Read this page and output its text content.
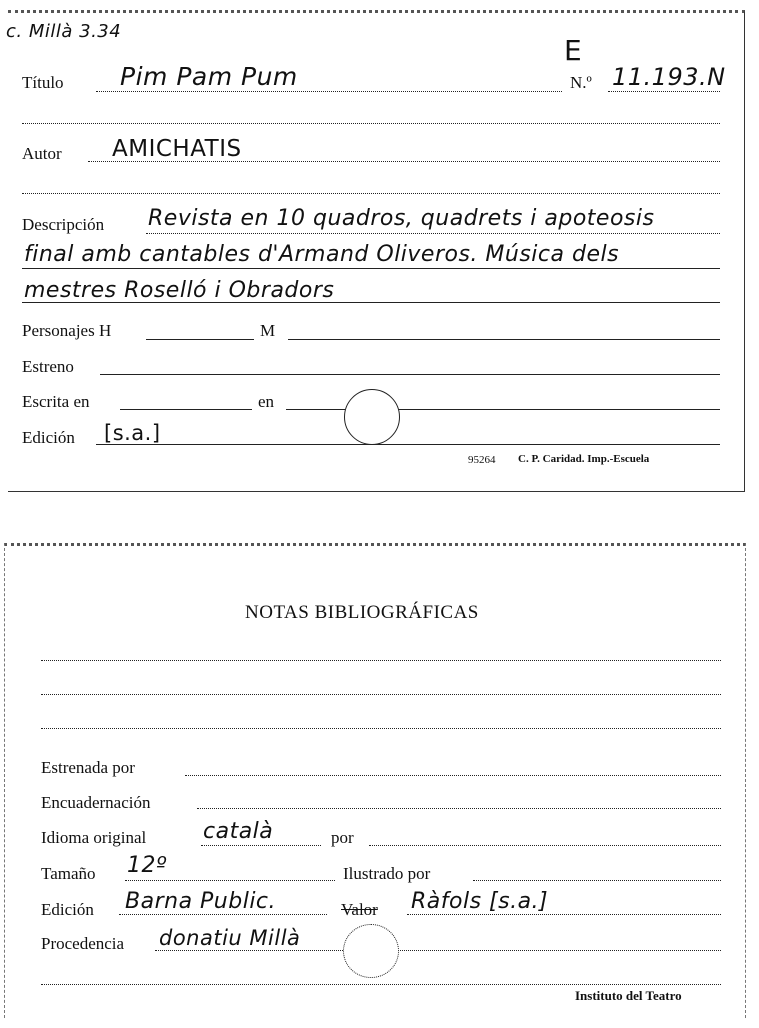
c. Millà 3.34
E
Título Pim Pam Pum	N.º 11.193.N
Autor AMICHATIS
Descripción Revista en 10 quadros, quadrets i apoteosis
final amb cantables d'Armand Oliveros. Música dels
mestres Roselló i Obradors
Personajes H	M
Estreno
Escrita en	en
Edición [s.a.]
95264 C. P. Caridad. Imp.-Escuela
NOTAS BIBLIOGRÁFICAS
Estrenada por
Encuadernación
Idioma original	català	por
Tamaño 12º	Ilustrado por
Edición Barna Public.	Valor Ràfols [s.a.]
Procedencia donatiu Millà
Instituto del Teatro
